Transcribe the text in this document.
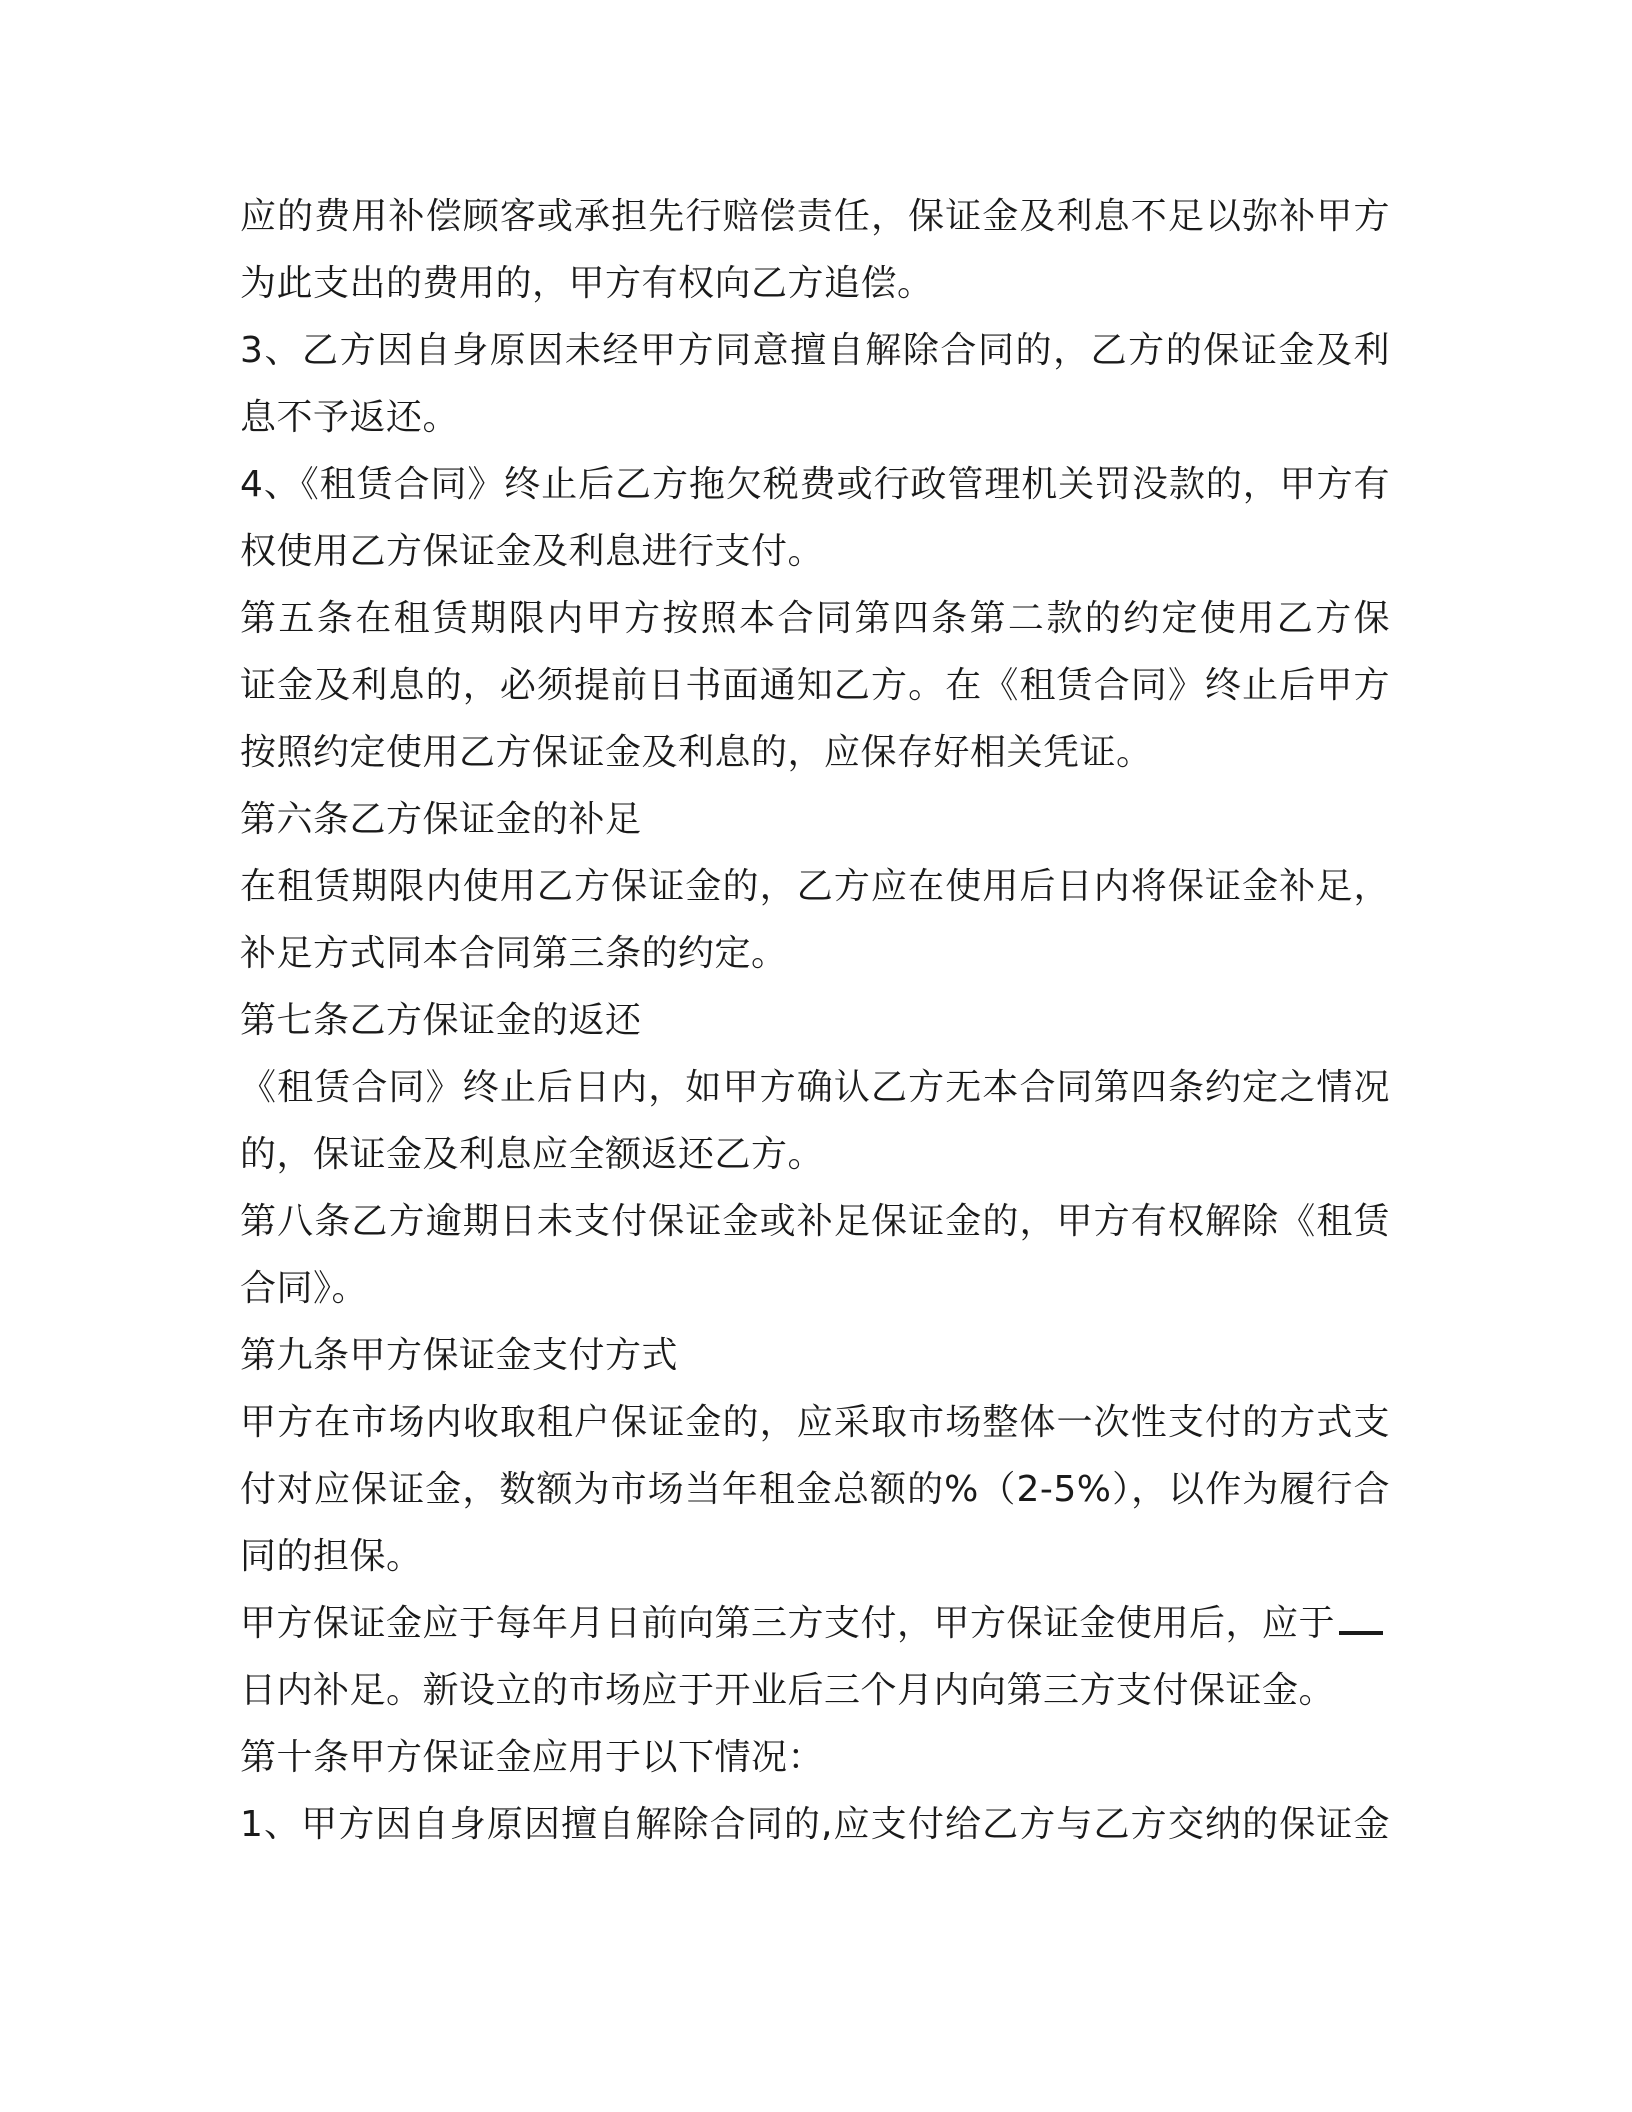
应的费用补偿顾客或承担先行赔偿责任，保证金及利息不足以弥补甲方
为此支出的费用的，甲方有权向乙方追偿。
3、乙方因自身原因未经甲方同意擅自解除合同的，乙方的保证金及利
息不予返还。
4、《租赁合同》终止后乙方拖欠税费或行政管理机关罚没款的，甲方有
权使用乙方保证金及利息进行支付。
第五条在租赁期限内甲方按照本合同第四条第二款的约定使用乙方保
证金及利息的，必须提前日书面通知乙方。在《租赁合同》终止后甲方
按照约定使用乙方保证金及利息的，应保存好相关凭证。
第六条乙方保证金的补足
在租赁期限内使用乙方保证金的，乙方应在使用后日内将保证金补足，
补足方式同本合同第三条的约定。
第七条乙方保证金的返还
《租赁合同》终止后日内，如甲方确认乙方无本合同第四条约定之情况
的，保证金及利息应全额返还乙方。
第八条乙方逾期日未支付保证金或补足保证金的，甲方有权解除《租赁
合同》。
第九条甲方保证金支付方式
甲方在市场内收取租户保证金的，应采取市场整体一次性支付的方式支
付对应保证金，数额为市场当年租金总额的%（2-5%），以作为履行合
同的担保。
甲方保证金应于每年月日前向第三方支付，甲方保证金使用后，应于
日内补足。新设立的市场应于开业后三个月内向第三方支付保证金。
第十条甲方保证金应用于以下情况：
1、甲方因自身原因擅自解除合同的,应支付给乙方与乙方交纳的保证金
